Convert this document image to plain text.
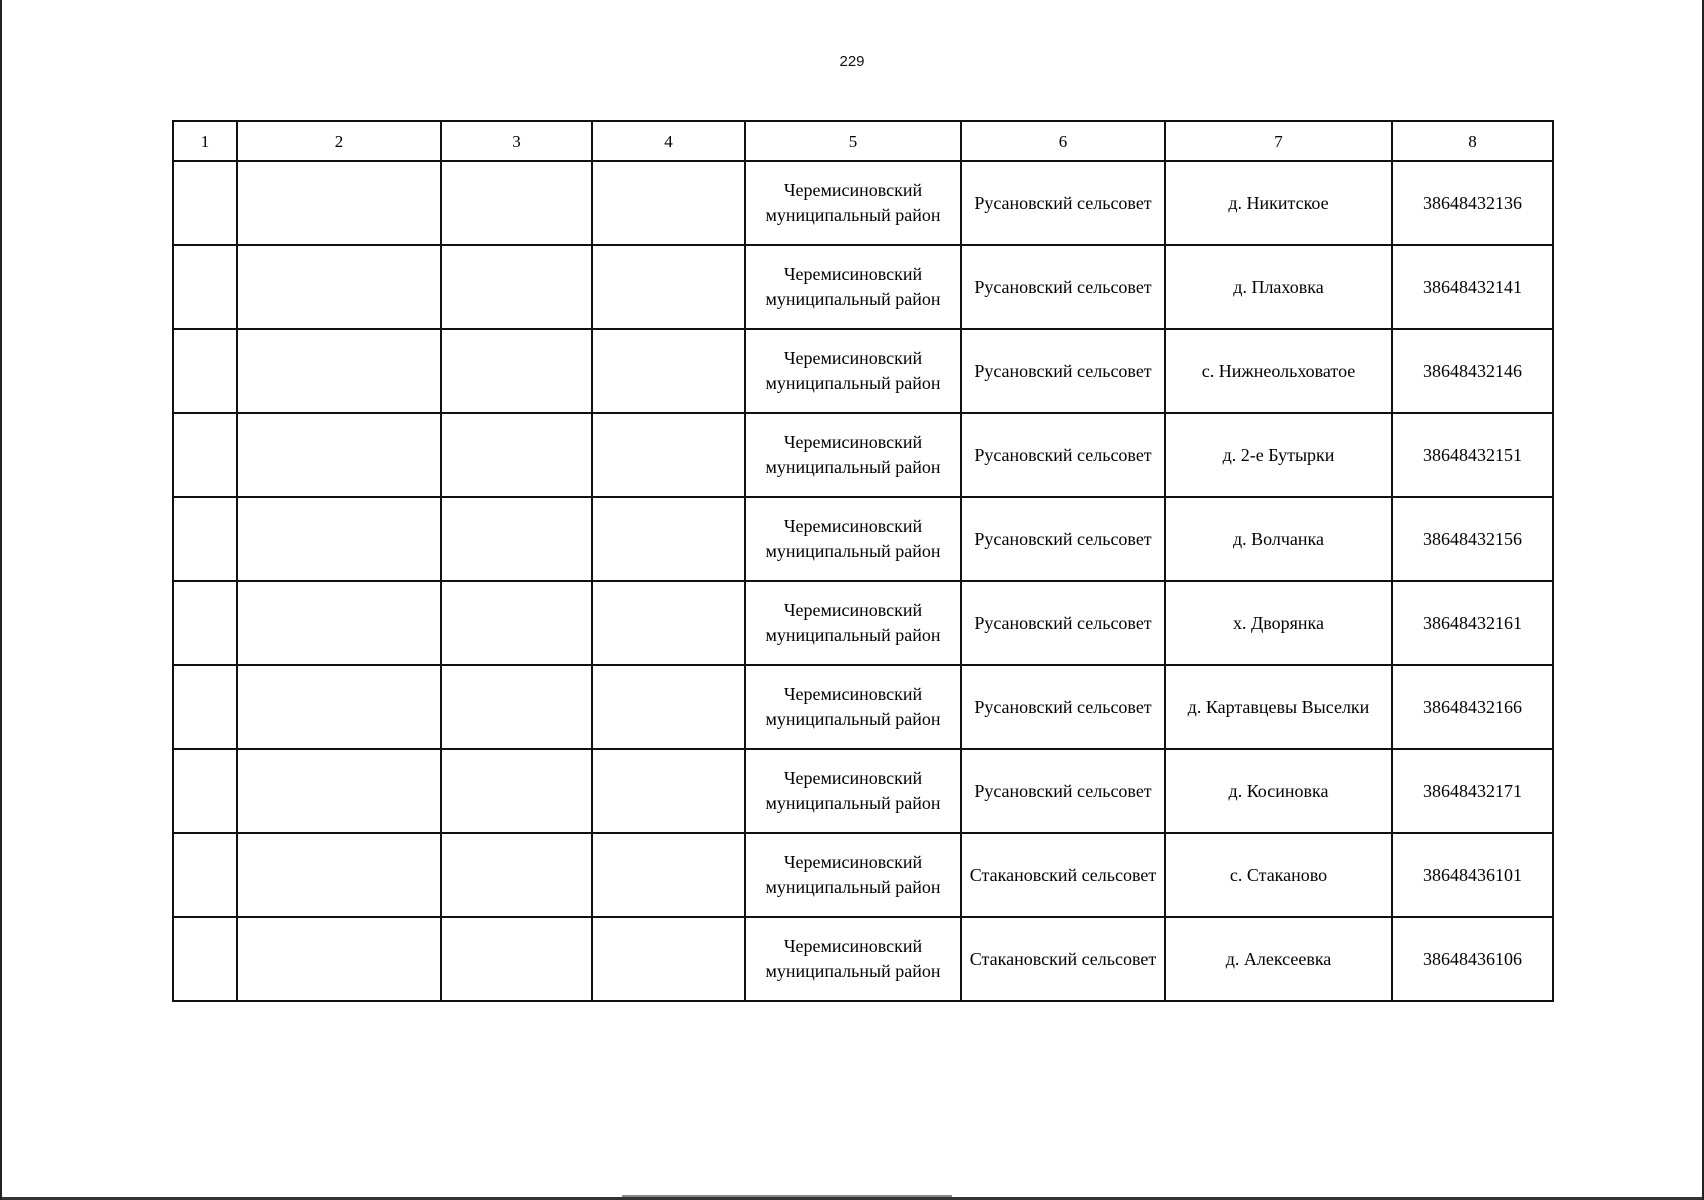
229
1	2	3	4	5	6	7	8
				Черемисиновский муниципальный район	Русановский сельсовет	д. Никитское	38648432136
				Черемисиновский муниципальный район	Русановский сельсовет	д. Плаховка	38648432141
				Черемисиновский муниципальный район	Русановский сельсовет	с. Нижнеольховатое	38648432146
				Черемисиновский муниципальный район	Русановский сельсовет	д. 2-е Бутырки	38648432151
				Черемисиновский муниципальный район	Русановский сельсовет	д. Волчанка	38648432156
				Черемисиновский муниципальный район	Русановский сельсовет	х. Дворянка	38648432161
				Черемисиновский муниципальный район	Русановский сельсовет	д. Картавцевы Выселки	38648432166
				Черемисиновский муниципальный район	Русановский сельсовет	д. Косиновка	38648432171
				Черемисиновский муниципальный район	Стакановский сельсовет	с. Стаканово	38648436101
				Черемисиновский муниципальный район	Стакановский сельсовет	д. Алексеевка	38648436106
